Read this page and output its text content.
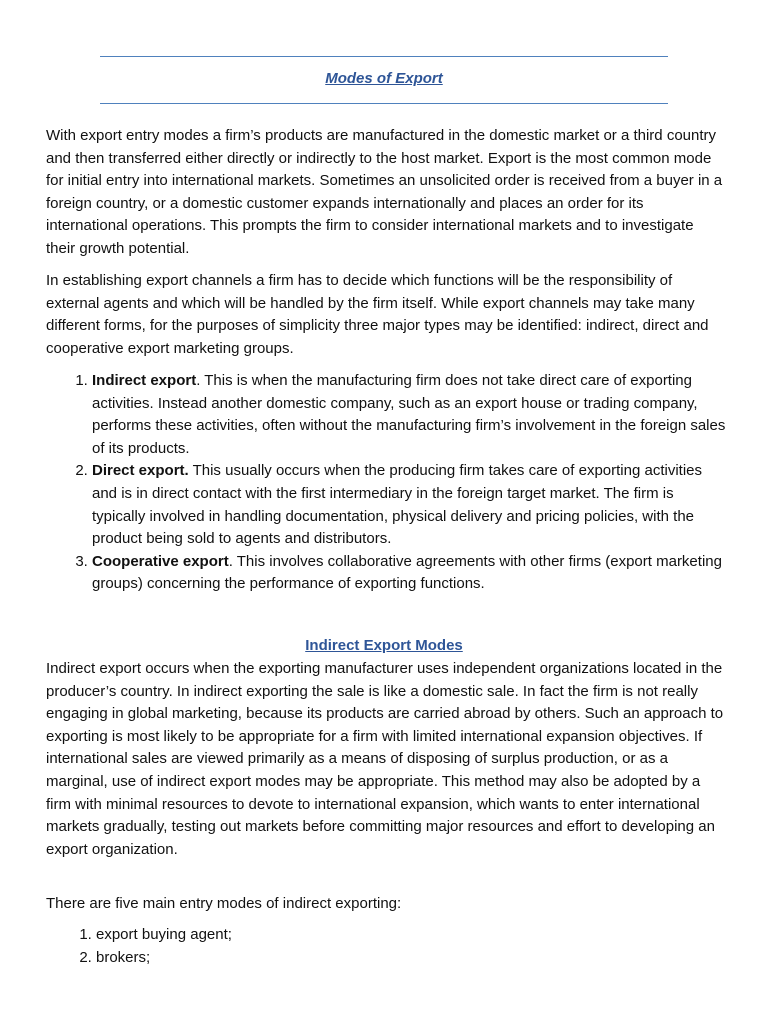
Modes of Export

With export entry modes a firm’s products are manufactured in the domestic market or a third country and then transferred either directly or indirectly to the host market. Export is the most common mode for initial entry into international markets. Sometimes an unsolicited order is received from a buyer in a foreign country, or a domestic customer expands internationally and places an order for its international operations. This prompts the firm to consider international markets and to investigate their growth potential.

In establishing export channels a firm has to decide which functions will be the responsibility of external agents and which will be handled by the firm itself. While export channels may take many different forms, for the purposes of simplicity three major types may be identified: indirect, direct and cooperative export marketing groups.

1. Indirect export. This is when the manufacturing firm does not take direct care of exporting activities. Instead another domestic company, such as an export house or trading company, performs these activities, often without the manufacturing firm’s involvement in the foreign sales of its products.
2. Direct export. This usually occurs when the producing firm takes care of exporting activities and is in direct contact with the first intermediary in the foreign target market. The firm is typically involved in handling documentation, physical delivery and pricing policies, with the product being sold to agents and distributors.
3. Cooperative export. This involves collaborative agreements with other firms (export marketing groups) concerning the performance of exporting functions.
Indirect Export Modes

Indirect export occurs when the exporting manufacturer uses independent organizations located in the producer’s country. In indirect exporting the sale is like a domestic sale. In fact the firm is not really engaging in global marketing, because its products are carried abroad by others. Such an approach to exporting is most likely to be appropriate for a firm with limited international expansion objectives. If international sales are viewed primarily as a means of disposing of surplus production, or as a marginal, use of indirect export modes may be appropriate. This method may also be adopted by a firm with minimal resources to devote to international expansion, which wants to enter international markets gradually, testing out markets before committing major resources and effort to developing an export organization.

There are five main entry modes of indirect exporting:

1. export buying agent;
2. brokers;
